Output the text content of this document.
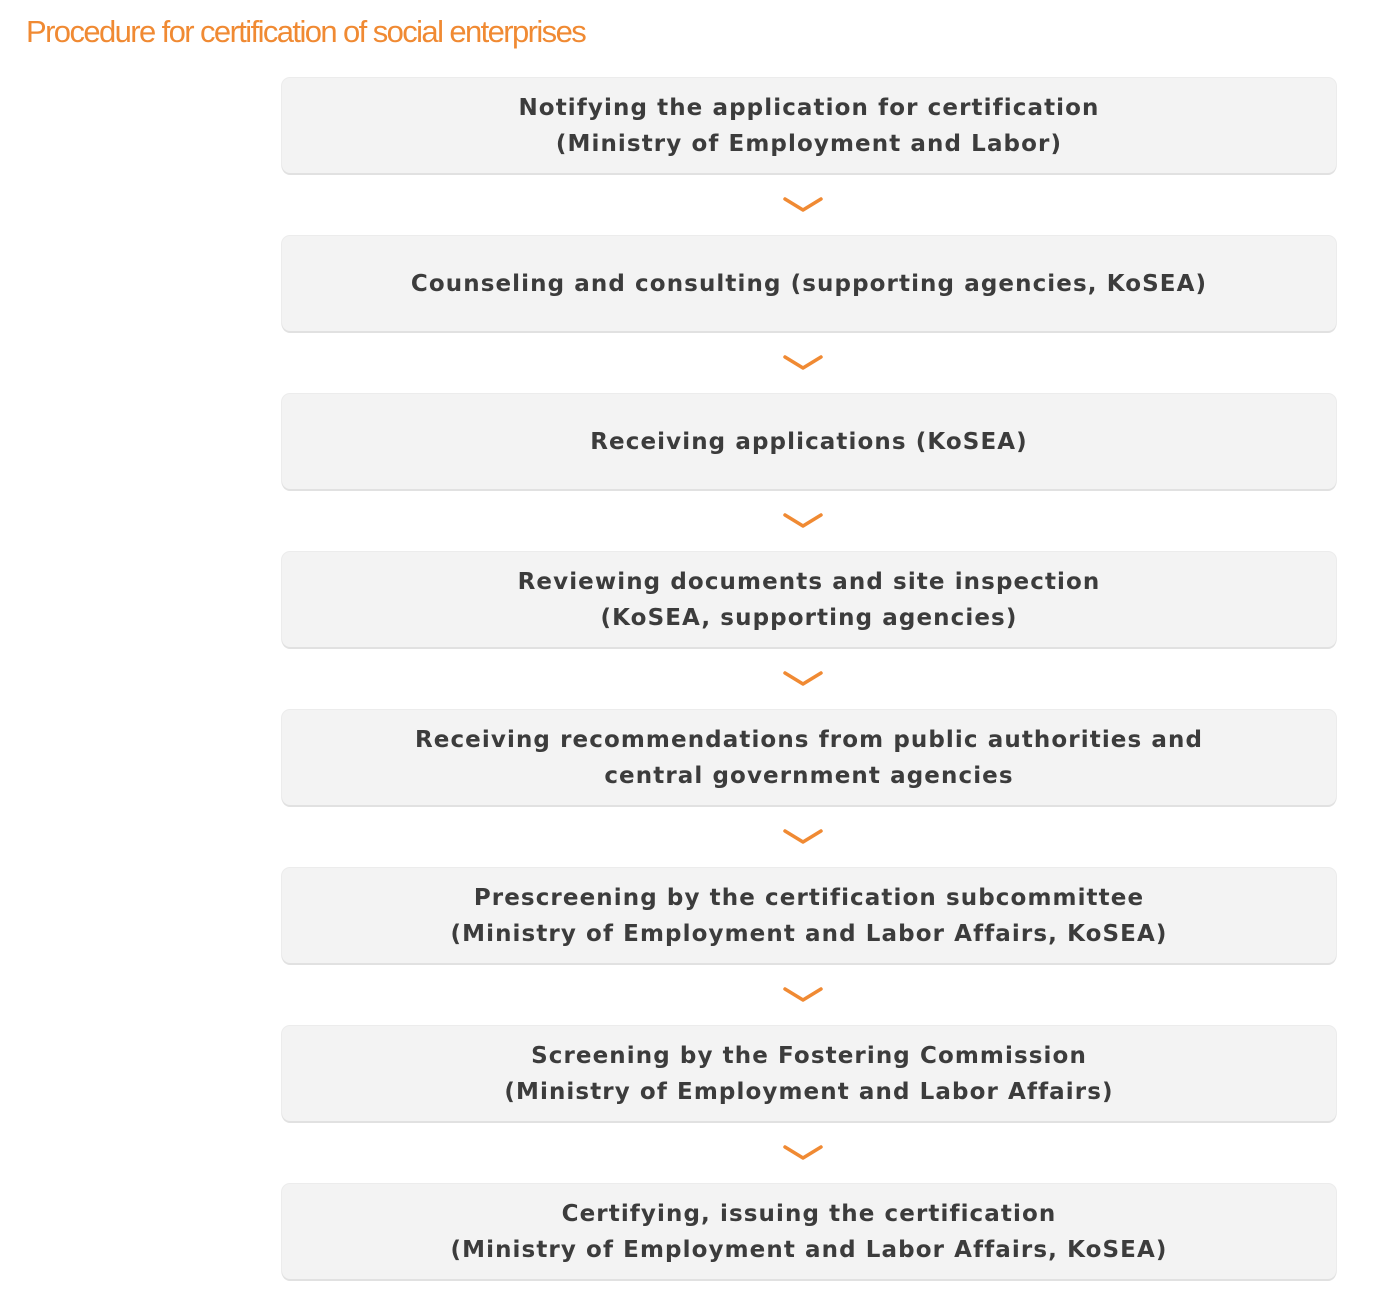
Procedure for certification of social enterprises
Notifying the application for certification
(Ministry of Employment and Labor)
Counseling and consulting (supporting agencies, KoSEA)
Receiving applications (KoSEA)
Reviewing documents and site inspection
(KoSEA, supporting agencies)
Receiving recommendations from public authorities and
central government agencies
Prescreening by the certification subcommittee
(Ministry of Employment and Labor Affairs, KoSEA)
Screening by the Fostering Commission
(Ministry of Employment and Labor Affairs)
Certifying, issuing the certification
(Ministry of Employment and Labor Affairs, KoSEA)
